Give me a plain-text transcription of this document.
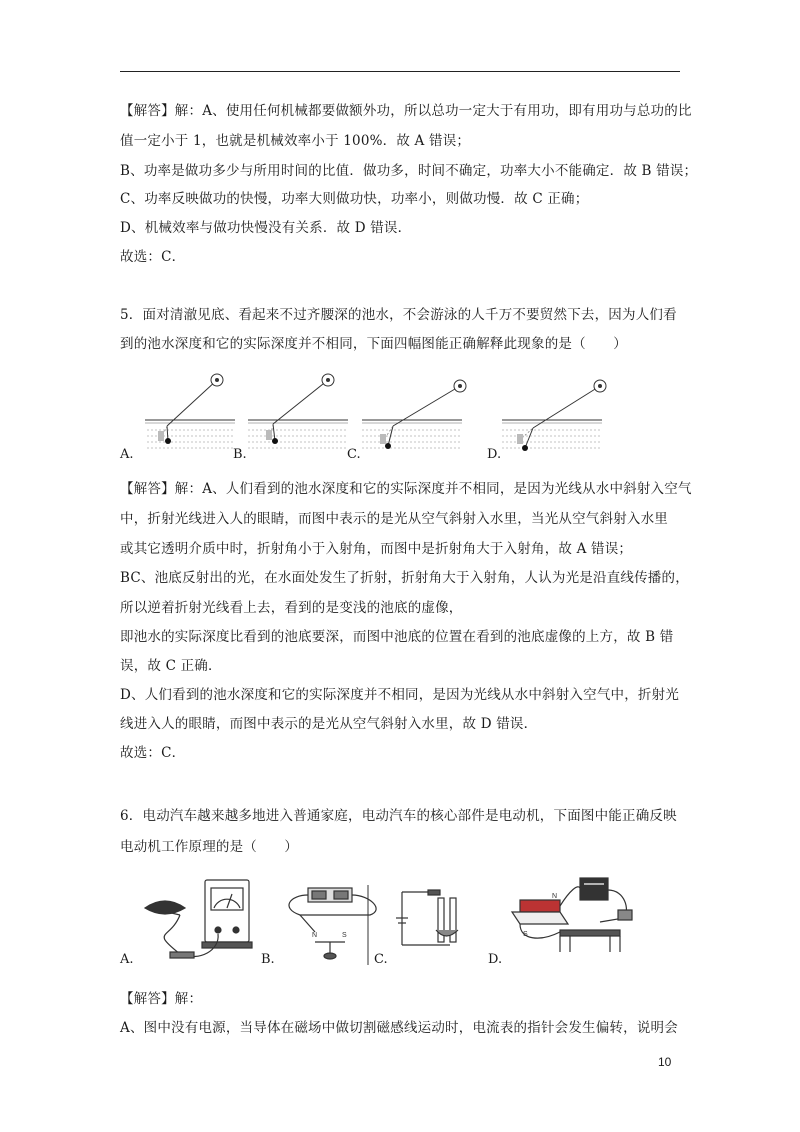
【解答】解：A、使用任何机械都要做额外功，所以总功一定大于有用功，即有用功与总功的比
值一定小于 1，也就是机械效率小于 100%．故 A 错误；
B、功率是做功多少与所用时间的比值．做功多，时间不确定，功率大小不能确定．故 B 错误；
C、功率反映做功的快慢，功率大则做功快，功率小，则做功慢．故 C 正确；
D、机械效率与做功快慢没有关系．故 D 错误．
故选：C．
5．面对清澈见底、看起来不过齐腰深的池水，不会游泳的人千万不要贸然下去，因为人们看
到的池水深度和它的实际深度并不相同，下面四幅图能正确解释此现象的是（　　）
A.	B.	C.	D.
【解答】解：A、人们看到的池水深度和它的实际深度并不相同，是因为光线从水中斜射入空气
中，折射光线进入人的眼睛，而图中表示的是光从空气斜射入水里，当光从空气斜射入水里
或其它透明介质中时，折射角小于入射角，而图中是折射角大于入射角，故 A 错误；
BC、池底反射出的光，在水面处发生了折射，折射角大于入射角，人认为光是沿直线传播的，
所以逆着折射光线看上去，看到的是变浅的池底的虚像，
即池水的实际深度比看到的池底要深，而图中池底的位置在看到的池底虚像的上方，故 B 错
误，故 C 正确．
D、人们看到的池水深度和它的实际深度并不相同，是因为光线从水中斜射入空气中，折射光
线进入人的眼睛，而图中表示的是光从空气斜射入水里，故 D 错误．
故选：C．
6．电动汽车越来越多地进入普通家庭，电动汽车的核心部件是电动机，下面图中能正确反映
电动机工作原理的是（　　）
N	S	S
N
A.	B.	C.	D.
【解答】解：
A、图中没有电源，当导体在磁场中做切割磁感线运动时，电流表的指针会发生偏转，说明会
10
